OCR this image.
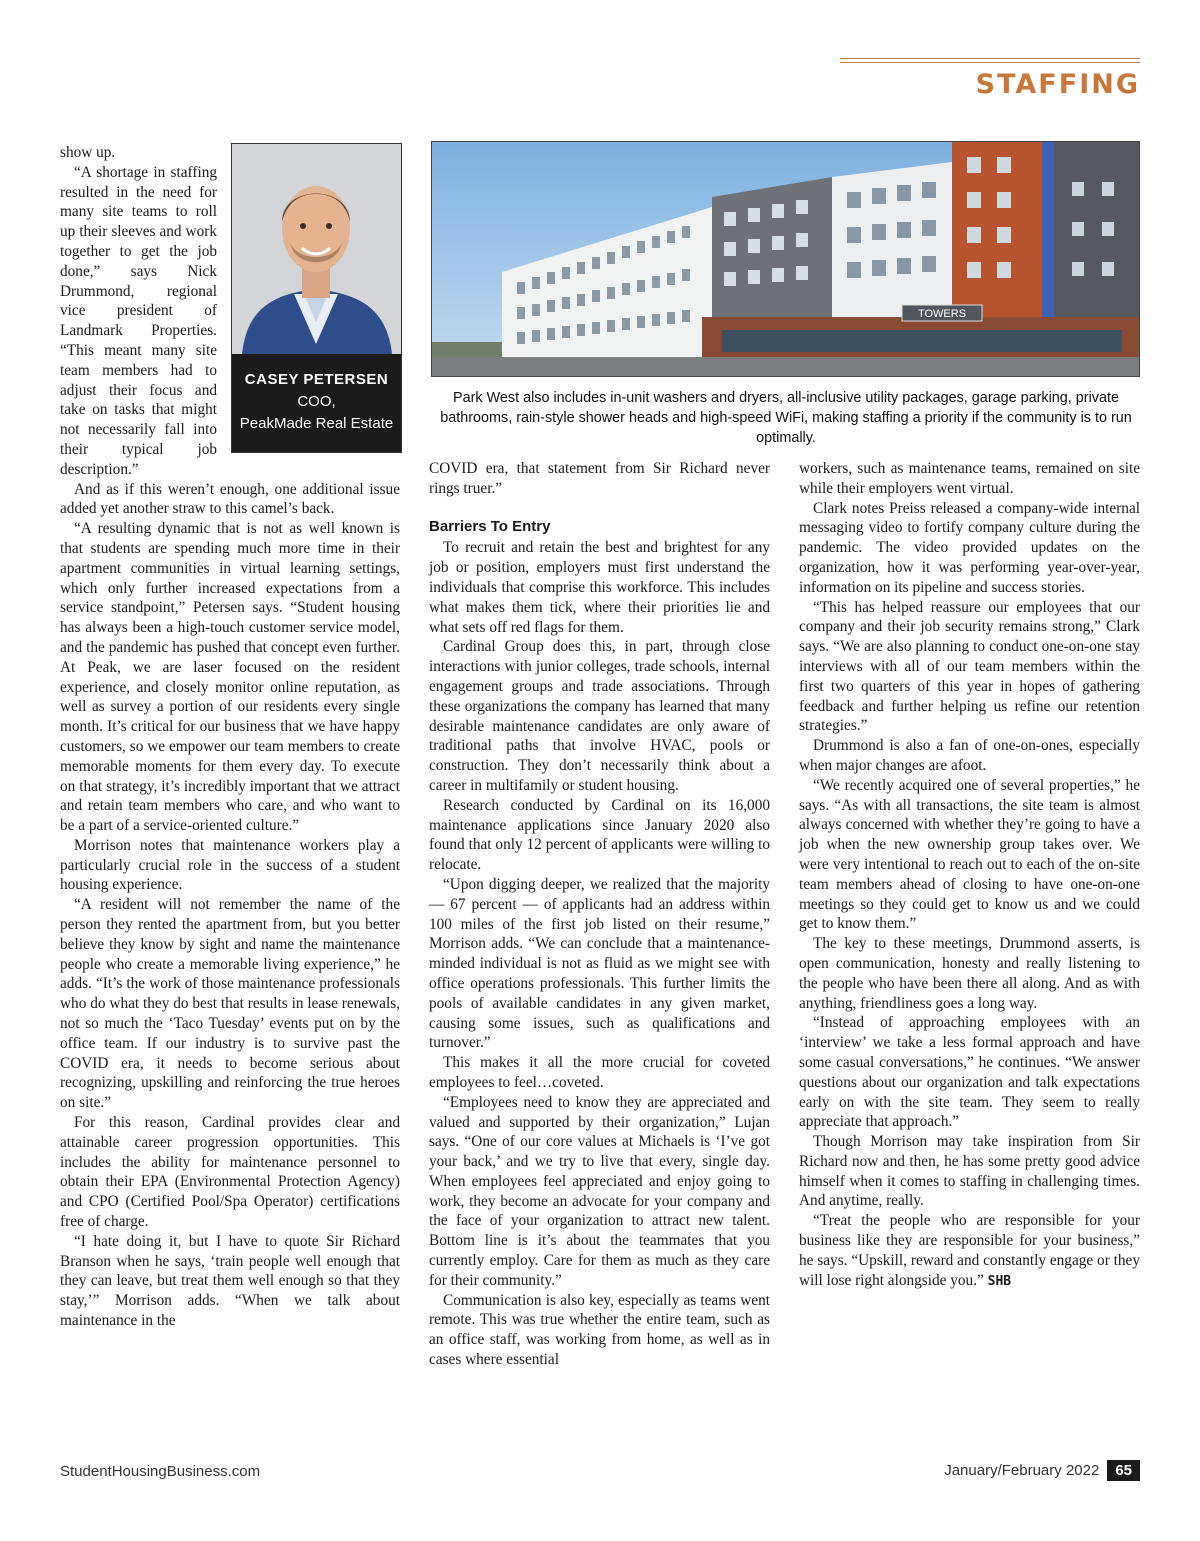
STAFFING
CASEY PETERSEN
COO,
PeakMade Real Estate

show up.

“A shortage in staffing resulted in the need for many site teams to roll up their sleeves and work together to get the job done,” says Nick Drummond, regional vice president of Landmark Properties. “This meant many site team members had to adjust their focus and take on tasks that might not necessarily fall into their typical job description.”

And as if this weren’t enough, one additional issue added yet another straw to this camel’s back.

“A resulting dynamic that is not as well known is that students are spending much more time in their apartment communities in virtual learning settings, which only further increased expectations from a service standpoint,” Petersen says. “Student housing has always been a high-touch customer service model, and the pandemic has pushed that concept even further. At Peak, we are laser focused on the resident experience, and closely monitor online reputation, as well as survey a portion of our residents every single month. It’s critical for our business that we have happy customers, so we empower our team members to create memorable moments for them every day. To execute on that strategy, it’s incredibly important that we attract and retain team members who care, and who want to be a part of a service-oriented culture.”

Morrison notes that maintenance workers play a particularly crucial role in the success of a student housing experience.

“A resident will not remember the name of the person they rented the apartment from, but you better believe they know by sight and name the maintenance people who create a memorable living experience,” he adds. “It’s the work of those maintenance professionals who do what they do best that results in lease renewals, not so much the ‘Taco Tuesday’ events put on by the office team. If our industry is to survive past the COVID era, it needs to become serious about recognizing, upskilling and reinforcing the true heroes on site.”

For this reason, Cardinal provides clear and attainable career progression opportunities. This includes the ability for maintenance personnel to obtain their EPA (Environmental Protection Agency) and CPO (Certified Pool/Spa Operator) certifications free of charge.

“I hate doing it, but I have to quote Sir Richard Branson when he says, ‘train people well enough that they can leave, but treat them well enough so that they stay,’” Morrison adds. “When we talk about maintenance in the

TOWERS
Park West also includes in-unit washers and dryers, all-inclusive utility packages, garage parking, private bathrooms, rain-style shower heads and high-speed WiFi, making staffing a priority if the community is to run optimally.

COVID era, that statement from Sir Richard never rings truer.”

Barriers To Entry

To recruit and retain the best and brightest for any job or position, employers must first understand the individuals that comprise this workforce. This includes what makes them tick, where their priorities lie and what sets off red flags for them.

Cardinal Group does this, in part, through close interactions with junior colleges, trade schools, internal engagement groups and trade associations. Through these organizations the company has learned that many desirable maintenance candidates are only aware of traditional paths that involve HVAC, pools or construction. They don’t necessarily think about a career in multifamily or student housing.

Research conducted by Cardinal on its 16,000 maintenance applications since January 2020 also found that only 12 percent of applicants were willing to relocate.

“Upon digging deeper, we realized that the majority — 67 percent — of applicants had an address within 100 miles of the first job listed on their resume,” Morrison adds. “We can conclude that a maintenance-minded individual is not as fluid as we might see with office operations professionals. This further limits the pools of available candidates in any given market, causing some issues, such as qualifications and turnover.”

This makes it all the more crucial for coveted employees to feel…coveted.

“Employees need to know they are appreciated and valued and supported by their organization,” Lujan says. “One of our core values at Michaels is ‘I’ve got your back,’ and we try to live that every, single day. When employees feel appreciated and enjoy going to work, they become an advocate for your company and the face of your organization to attract new talent. Bottom line is it’s about the teammates that you currently employ. Care for them as much as they care for their community.”

Communication is also key, especially as teams went remote. This was true whether the entire team, such as an office staff, was working from home, as well as in cases where essential

workers, such as maintenance teams, remained on site while their employers went virtual.

Clark notes Preiss released a company-wide internal messaging video to fortify company culture during the pandemic. The video provided updates on the organization, how it was performing year-over-year, information on its pipeline and success stories.

“This has helped reassure our employees that our company and their job security remains strong,” Clark says. “We are also planning to conduct one-on-one stay interviews with all of our team members within the first two quarters of this year in hopes of gathering feedback and further helping us refine our retention strategies.”

Drummond is also a fan of one-on-ones, especially when major changes are afoot.

“We recently acquired one of several properties,” he says. “As with all transactions, the site team is almost always concerned with whether they’re going to have a job when the new ownership group takes over. We were very intentional to reach out to each of the on-site team members ahead of closing to have one-on-one meetings so they could get to know us and we could get to know them.”

The key to these meetings, Drummond asserts, is open communication, honesty and really listening to the people who have been there all along. And as with anything, friendliness goes a long way.

“Instead of approaching employees with an ‘interview’ we take a less formal approach and have some casual conversations,” he continues. “We answer questions about our organization and talk expectations early on with the site team. They seem to really appreciate that approach.”

Though Morrison may take inspiration from Sir Richard now and then, he has some pretty good advice himself when it comes to staffing in challenging times. And anytime, really.

“Treat the people who are responsible for your business like they are responsible for your business,” he says. “Upskill, reward and constantly engage or they will lose right alongside you.” SHB

StudentHousingBusiness.com	January/February 2022	65
